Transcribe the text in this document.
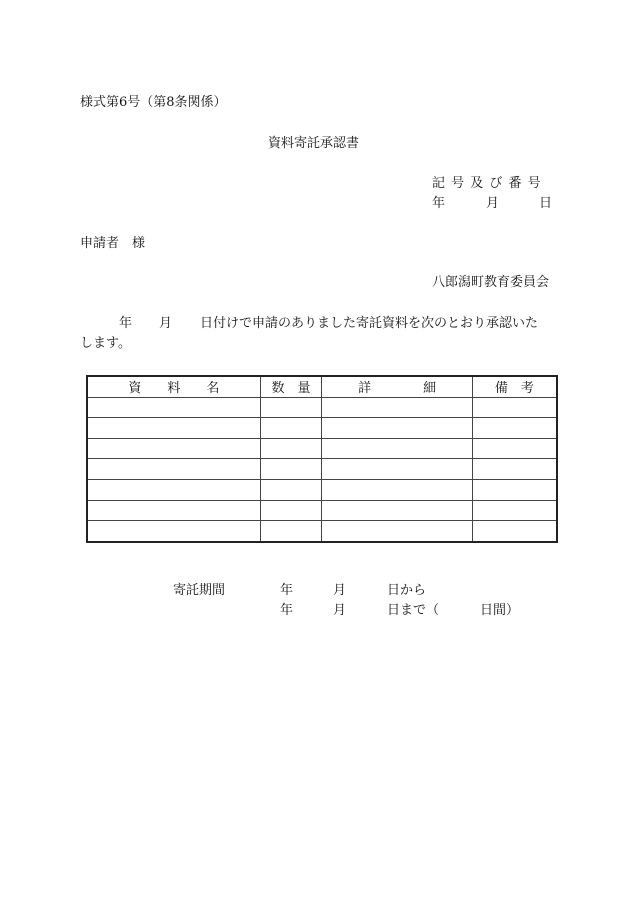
様式第6号（第8条関係）
資料寄託承認書
記 号 及 び 番 号
年	月	日
申請者　様
八郎潟町教育委員会
年 月 日付けで申請のありました寄託資料を次のとおり承認いた
します。
資　　料　　名	数　量	詳　　　　細	備　考

寄託期間	年	月	日から
年	月	日まで（	日間）
